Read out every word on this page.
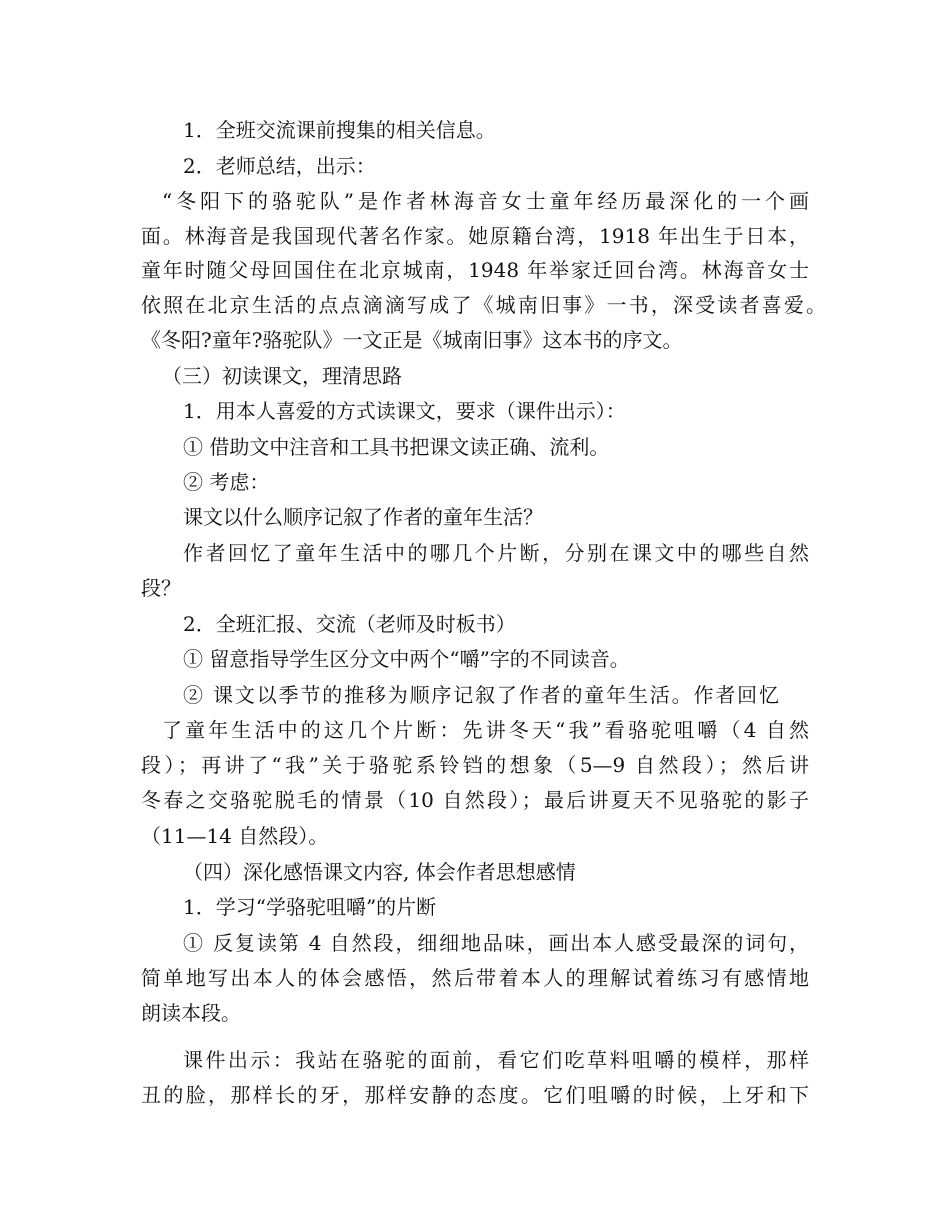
1．全班交流课前搜集的相关信息。
2．老师总结，出示：
“冬阳下的骆驼队”是作者林海音女士童年经历最深化的一个画
面。林海音是我国现代著名作家。她原籍台湾，1918 年出生于日本，
童年时随父母回国住在北京城南，1948 年举家迁回台湾。林海音女士
依照在北京生活的点点滴滴写成了《城南旧事》一书，深受读者喜爱。
《冬阳?童年?骆驼队》一文正是《城南旧事》这本书的序文。
（三）初读课文，理清思路
1．用本人喜爱的方式读课文，要求（课件出示）：
① 借助文中注音和工具书把课文读正确、流利。
② 考虑：
课文以什么顺序记叙了作者的童年生活？
作者回忆了童年生活中的哪几个片断，分别在课文中的哪些自然
段？
2．全班汇报、交流（老师及时板书）
① 留意指导学生区分文中两个“嚼”字的不同读音。
② 课文以季节的推移为顺序记叙了作者的童年生活。作者回忆
了童年生活中的这几个片断：先讲冬天“我”看骆驼咀嚼（4 自然
段）；再讲了“我”关于骆驼系铃铛的想象（5—9 自然段）；然后讲
冬春之交骆驼脱毛的情景（10 自然段）；最后讲夏天不见骆驼的影子
（11—14 自然段）。
（四）深化感悟课文内容, 体会作者思想感情
1．学习“学骆驼咀嚼”的片断
① 反复读第 4 自然段，细细地品味，画出本人感受最深的词句，
简单地写出本人的体会感悟，然后带着本人的理解试着练习有感情地
朗读本段。
课件出示：我站在骆驼的面前，看它们吃草料咀嚼的模样，那样
丑的脸，那样长的牙，那样安静的态度。它们咀嚼的时候，上牙和下
